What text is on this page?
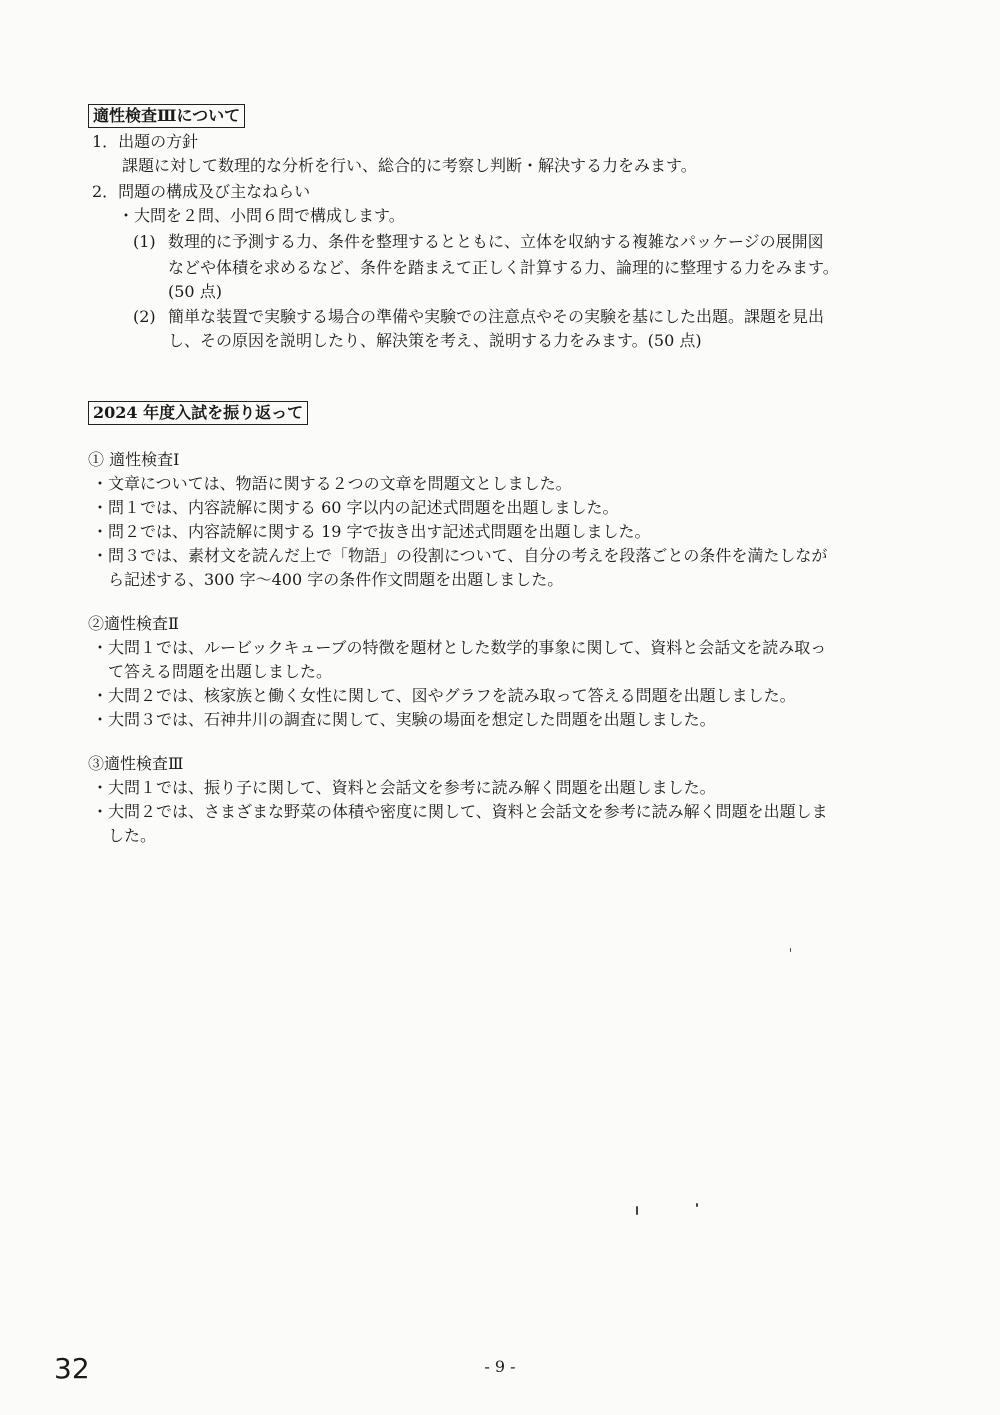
適性検査Ⅲについて
1．出題の方針
課題に対して数理的な分析を行い、総合的に考察し判断・解決する力をみます。
2．問題の構成及び主なねらい
・大問を２問、小問６問で構成します。
(1) 数理的に予測する力、条件を整理するとともに、立体を収納する複雑なパッケージの展開図
などや体積を求めるなど、条件を踏まえて正しく計算する力、論理的に整理する力をみます。
(50 点)
(2) 簡単な装置で実験する場合の準備や実験での注意点やその実験を基にした出題。課題を見出
し、その原因を説明したり、解決策を考え、説明する力をみます。(50 点)
2024 年度入試を振り返って
① 適性検査Ⅰ
・文章については、物語に関する２つの文章を問題文としました。
・問１では、内容読解に関する 60 字以内の記述式問題を出題しました。
・問２では、内容読解に関する 19 字で抜き出す記述式問題を出題しました。
・問３では、素材文を読んだ上で「物語」の役割について、自分の考えを段落ごとの条件を満たしなが
ら記述する、300 字〜400 字の条件作文問題を出題しました。
②適性検査Ⅱ
・大問１では、ルービックキューブの特徴を題材とした数学的事象に関して、資料と会話文を読み取っ
て答える問題を出題しました。
・大問２では、核家族と働く女性に関して、図やグラフを読み取って答える問題を出題しました。
・大問３では、石神井川の調査に関して、実験の場面を想定した問題を出題しました。
③適性検査Ⅲ
・大問１では、振り子に関して、資料と会話文を参考に読み解く問題を出題しました。
・大問２では、さまざまな野菜の体積や密度に関して、資料と会話文を参考に読み解く問題を出題しま
した。
- 9 -
32
